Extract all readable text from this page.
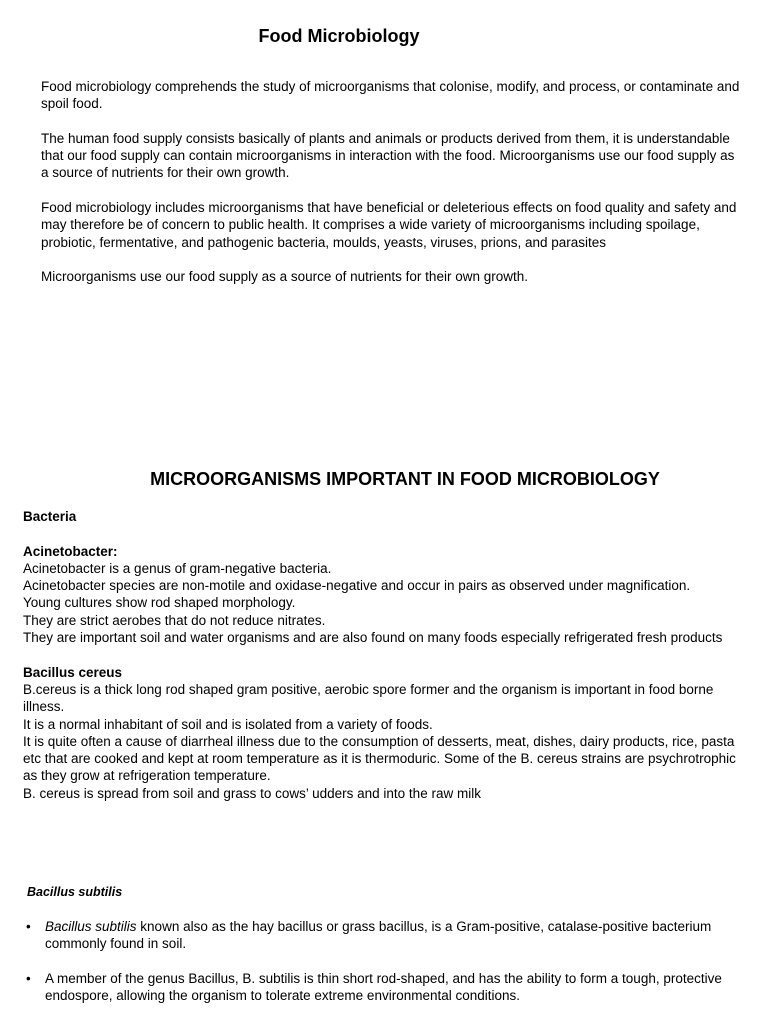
Food Microbiology

Food microbiology comprehends the study of microorganisms that colonise, modify, and process, or contaminate and spoil food.

The human food supply consists basically of plants and animals or products derived from them, it is understandable that our food supply can contain microorganisms in interaction with the food. Microorganisms use our food supply as a source of nutrients for their own growth.

Food microbiology includes microorganisms that have beneficial or deleterious effects on food quality and safety and may therefore be of concern to public health. It comprises a wide variety of microorganisms including spoilage, probiotic, fermentative, and pathogenic bacteria, moulds, yeasts, viruses, prions, and parasites

Microorganisms use our food supply as a source of nutrients for their own growth.

MICROORGANISMS IMPORTANT IN FOOD MICROBIOLOGY

Bacteria

Acinetobacter:

Acinetobacter is a genus of gram-negative bacteria.

Acinetobacter species are non-motile and oxidase-negative and occur in pairs as observed under magnification.

Young cultures show rod shaped morphology.

They are strict aerobes that do not reduce nitrates.

They are important soil and water organisms and are also found on many foods especially refrigerated fresh products

Bacillus cereus

B.cereus is a thick long rod shaped gram positive, aerobic spore former and the organism is important in food borne illness.

It is a normal inhabitant of soil and is isolated from a variety of foods.

It is quite often a cause of diarrheal illness due to the consumption of desserts, meat, dishes, dairy products, rice, pasta etc that are cooked and kept at room temperature as it is thermoduric. Some of the B. cereus strains are psychrotrophic as they grow at refrigeration temperature.

B. cereus is spread from soil and grass to cows’ udders and into the raw milk

Bacillus subtilis
• Bacillus subtilis known also as the hay bacillus or grass bacillus, is a Gram-positive, catalase-positive bacterium commonly found in soil.
• A member of the genus Bacillus, B. subtilis is thin short rod-shaped, and has the ability to form a tough, protective endospore, allowing the organism to tolerate extreme environmental conditions.
